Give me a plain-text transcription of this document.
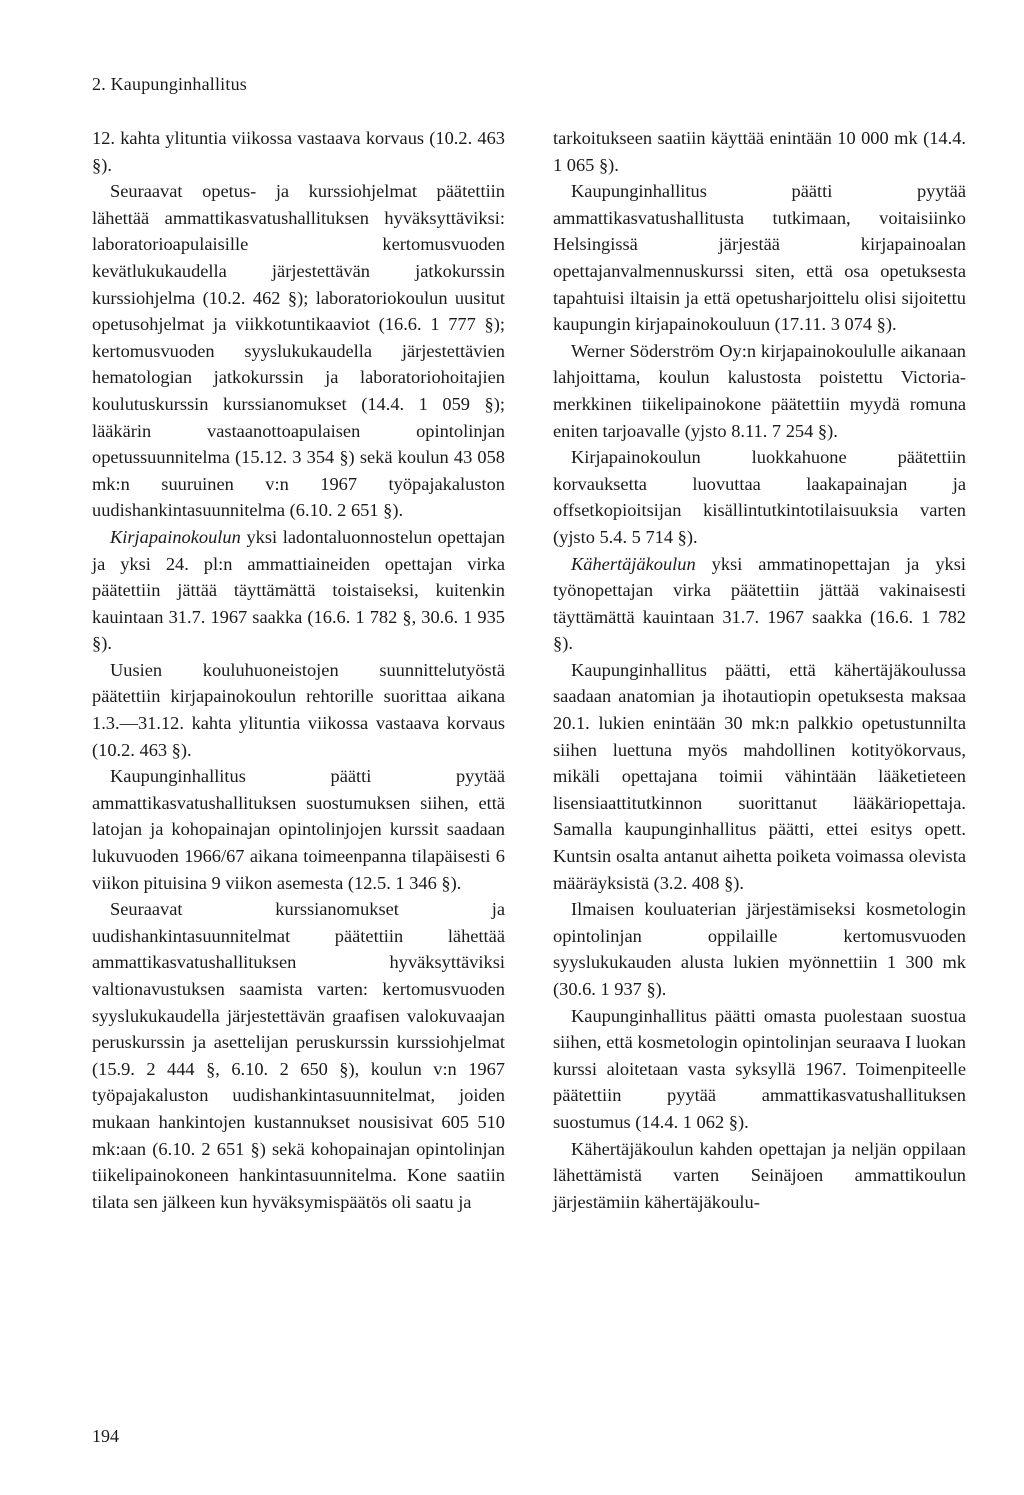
2. Kaupunginhallitus

12. kahta ylituntia viikossa vastaava korvaus (10.2. 463 §).

Seuraavat opetus- ja kurssiohjelmat päätettiin lähettää ammattikasvatushallituksen hyväksyttäviksi: laboratorioapulaisille kertomusvuoden kevätlukukaudella järjestettävän jatkokurssin kurssiohjelma (10.2. 462 §); laboratoriokoulun uusitut opetusohjelmat ja viikkotuntikaaviot (16.6. 1 777 §); kertomusvuoden syyslukukaudella järjestettävien hematologian jatkokurssin ja laboratoriohoitajien koulutuskurssin kurssianomukset (14.4. 1 059 §); lääkärin vastaanottoapulaisen opintolinjan opetussuunnitelma (15.12. 3 354 §) sekä koulun 43 058 mk:n suuruinen v:n 1967 työpajakaluston uudishankintasuunnitelma (6.10. 2 651 §).

Kirjapainokoulun yksi ladontaluonnostelun opettajan ja yksi 24. pl:n ammattiaineiden opettajan virka päätettiin jättää täyttämättä toistaiseksi, kuitenkin kauintaan 31.7. 1967 saakka (16.6. 1 782 §, 30.6. 1 935 §).

Uusien kouluhuoneistojen suunnittelutyöstä päätettiin kirjapainokoulun rehtorille suorittaa aikana 1.3.—31.12. kahta ylituntia viikossa vastaava korvaus (10.2. 463 §).

Kaupunginhallitus päätti pyytää ammattikasvatushallituksen suostumuksen siihen, että latojan ja kohopainajan opintolinjojen kurssit saadaan lukuvuoden 1966/67 aikana toimeenpanna tilapäisesti 6 viikon pituisina 9 viikon asemesta (12.5. 1 346 §).

Seuraavat kurssianomukset ja uudishankintasuunnitelmat päätettiin lähettää ammattikasvatushallituksen hyväksyttäviksi valtionavustuksen saamista varten: kertomusvuoden syyslukukaudella järjestettävän graafisen valokuvaajan peruskurssin ja asettelijan peruskurssin kurssiohjelmat (15.9. 2 444 §, 6.10. 2 650 §), koulun v:n 1967 työpajakaluston uudishankintasuunnitelmat, joiden mukaan hankintojen kustannukset nousisivat 605 510 mk:aan (6.10. 2 651 §) sekä kohopainajan opintolinjan tiikelipainokoneen hankintasuunnitelma. Kone saatiin tilata sen jälkeen kun hyväksymispäätös oli saatu ja

tarkoitukseen saatiin käyttää enintään 10 000 mk (14.4. 1 065 §).

Kaupunginhallitus päätti pyytää ammattikasvatushallitusta tutkimaan, voitaisiinko Helsingissä järjestää kirjapainoalan opettajanvalmennuskurssi siten, että osa opetuksesta tapahtuisi iltaisin ja että opetusharjoittelu olisi sijoitettu kaupungin kirjapainokouluun (17.11. 3 074 §).

Werner Söderström Oy:n kirjapainokoululle aikanaan lahjoittama, koulun kalustosta poistettu Victoria-merkkinen tiikelipainokone päätettiin myydä romuna eniten tarjoavalle (yjsto 8.11. 7 254 §).

Kirjapainokoulun luokkahuone päätettiin korvauksetta luovuttaa laakapainajan ja offsetkopioitsijan kisällintutkintotilaisuuksia varten (yjsto 5.4. 5 714 §).

Kähertäjäkoulun yksi ammatinopettajan ja yksi työnopettajan virka päätettiin jättää vakinaisesti täyttämättä kauintaan 31.7. 1967 saakka (16.6. 1 782 §).

Kaupunginhallitus päätti, että kähertäjäkoulussa saadaan anatomian ja ihotautiopin opetuksesta maksaa 20.1. lukien enintään 30 mk:n palkkio opetustunnilta siihen luettuna myös mahdollinen kotityökorvaus, mikäli opettajana toimii vähintään lääketieteen lisensiaattitutkinnon suorittanut lääkäriopettaja. Samalla kaupunginhallitus päätti, ettei esitys opett. Kuntsin osalta antanut aihetta poiketa voimassa olevista määräyksistä (3.2. 408 §).

Ilmaisen kouluaterian järjestämiseksi kosmetologin opintolinjan oppilaille kertomusvuoden syyslukukauden alusta lukien myönnettiin 1 300 mk (30.6. 1 937 §).

Kaupunginhallitus päätti omasta puolestaan suostua siihen, että kosmetologin opintolinjan seuraava I luokan kurssi aloitetaan vasta syksyllä 1967. Toimenpiteelle päätettiin pyytää ammattikasvatushallituksen suostumus (14.4. 1 062 §).

Kähertäjäkoulun kahden opettajan ja neljän oppilaan lähettämistä varten Seinäjoen ammattikoulun järjestämiin kähertäjäkoulu-

194
